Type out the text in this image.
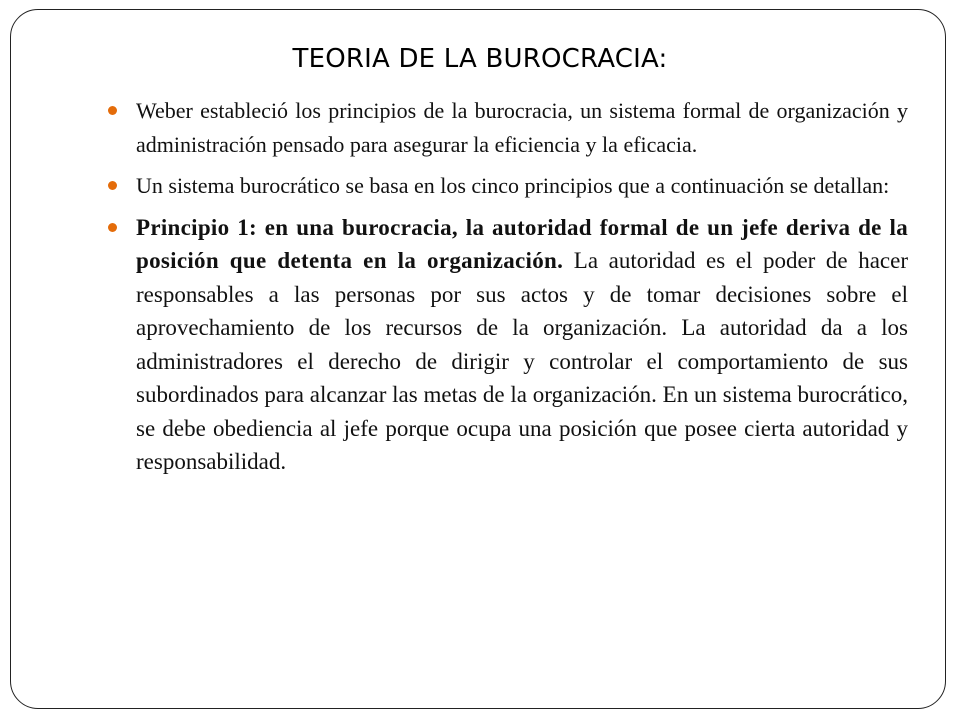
TEORIA DE LA BUROCRACIA:
Weber estableció los principios de la burocracia, un sistema formal de organización y administración pensado para asegurar la eficiencia y la eficacia.
Un sistema burocrático se basa en los cinco principios que a continuación se detallan:
Principio 1: en una burocracia, la autoridad formal de un jefe deriva de la posición que detenta en la organización. La autoridad es el poder de hacer responsables a las personas por sus actos y de tomar decisiones sobre el aprovechamiento de los recursos de la organización. La autoridad da a los administradores el derecho de dirigir y controlar el comportamiento de sus subordinados para alcanzar las metas de la organización. En un sistema burocrático, se debe obediencia al jefe porque ocupa una posición que posee cierta autoridad y responsabilidad.
